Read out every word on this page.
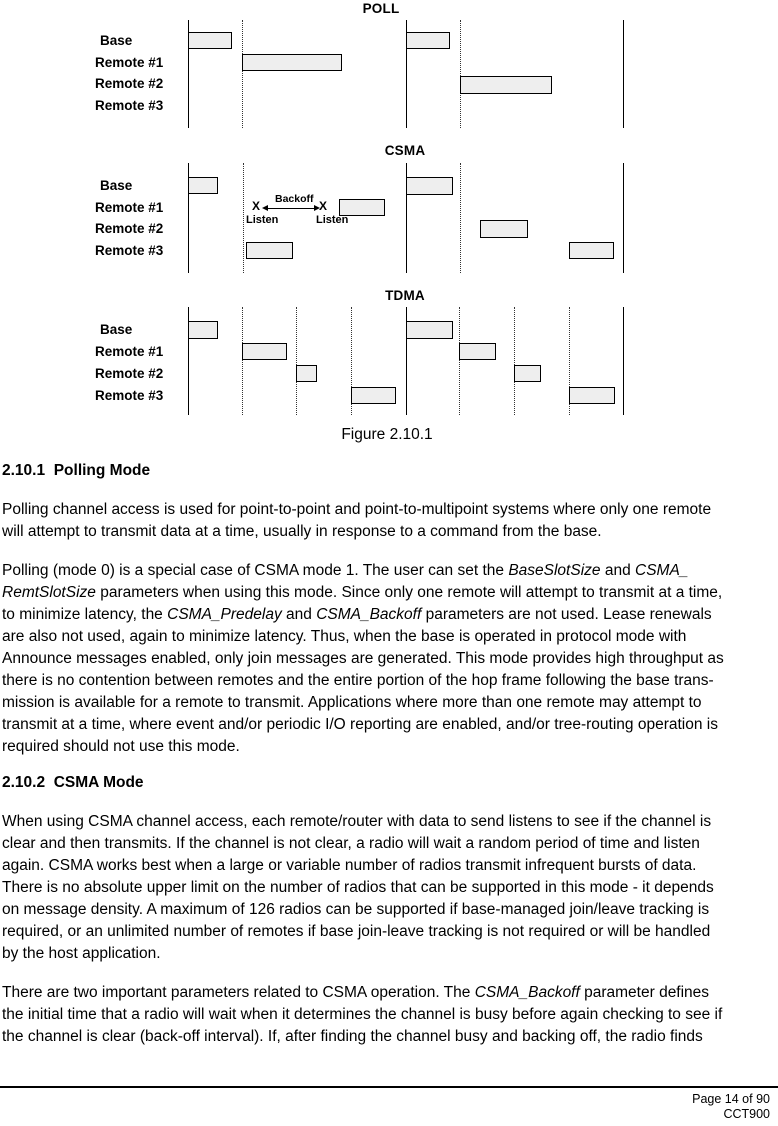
POLL
Base
Remote #1
Remote #2
Remote #3
CSMA
Base
Remote #1
Remote #2
Remote #3
X	X
Backoff
Listen	Listen
TDMA
Base
Remote #1
Remote #2
Remote #3
Figure 2.10.1
2.10.1  Polling Mode
Polling channel access is used for point-to-point and point-to-multipoint systems where only one remote
will attempt to transmit data at a time, usually in response to a command from the base.
Polling (mode 0) is a special case of CSMA mode 1. The user can set the BaseSlotSize and CSMA_
RemtSlotSize parameters when using this mode. Since only one remote will attempt to transmit at a time,
to minimize latency, the CSMA_Predelay and CSMA_Backoff parameters are not used. Lease renewals
are also not used, again to minimize latency. Thus, when the base is operated in protocol mode with
Announce messages enabled, only join messages are generated. This mode provides high throughput as
there is no contention between remotes and the entire portion of the hop frame following the base trans-
mission is available for a remote to transmit. Applications where more than one remote may attempt to
transmit at a time, where event and/or periodic I/O reporting are enabled, and/or tree-routing operation is
required should not use this mode.
2.10.2  CSMA Mode
When using CSMA channel access, each remote/router with data to send listens to see if the channel is
clear and then transmits. If the channel is not clear, a radio will wait a random period of time and listen
again. CSMA works best when a large or variable number of radios transmit infrequent bursts of data.
There is no absolute upper limit on the number of radios that can be supported in this mode - it depends
on message density. A maximum of 126 radios can be supported if base-managed join/leave tracking is
required, or an unlimited number of remotes if base join-leave tracking is not required or will be handled
by the host application.
There are two important parameters related to CSMA operation. The CSMA_Backoff parameter defines
the initial time that a radio will wait when it determines the channel is busy before again checking to see if
the channel is clear (back-off interval). If, after finding the channel busy and backing off, the radio finds
Page 14 of 90
CCT900
